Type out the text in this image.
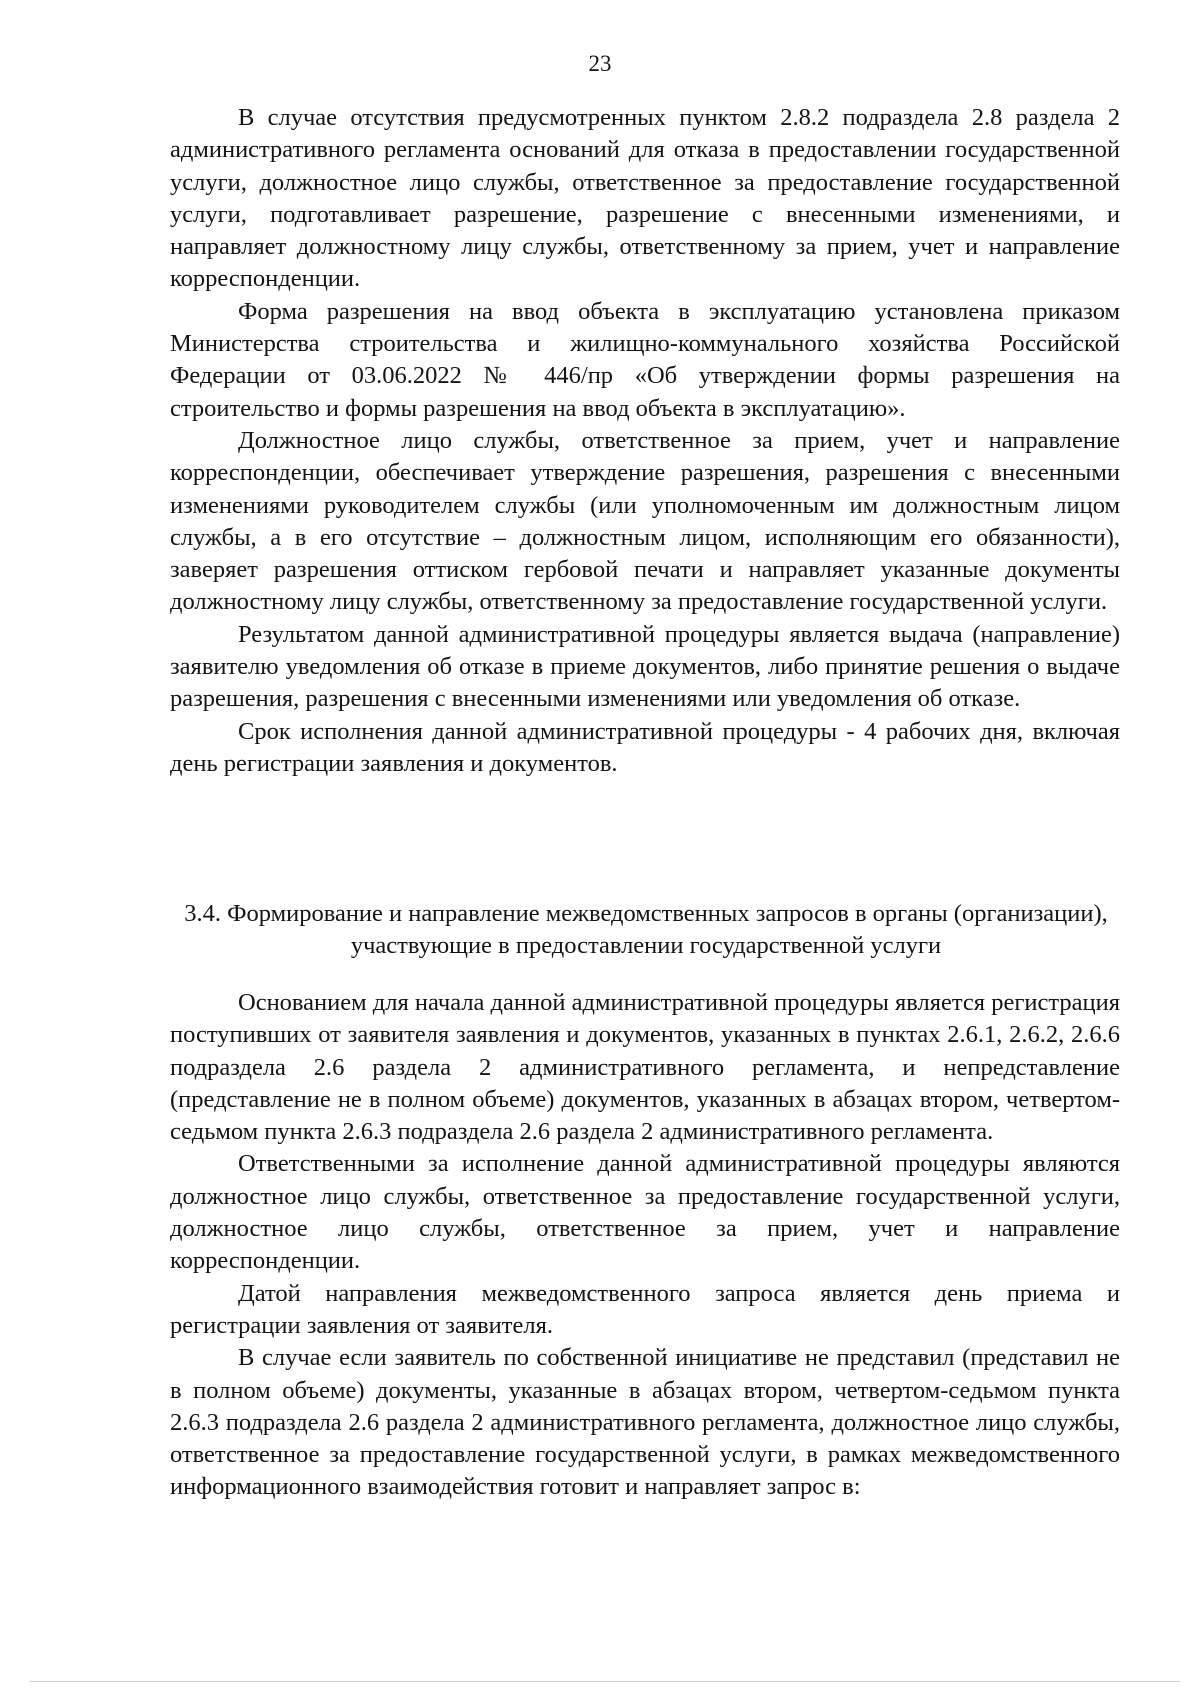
23

В случае отсутствия предусмотренных пунктом 2.8.2 подраздела 2.8 раздела 2 административного регламента оснований для отказа в предоставлении государственной услуги, должностное лицо службы, ответственное за предоставление государственной услуги, подготавливает разрешение, разрешение с внесенными изменениями, и направляет должностному лицу службы, ответственному за прием, учет и направление корреспонденции.

Форма разрешения на ввод объекта в эксплуатацию установлена приказом Министерства строительства и жилищно-коммунального хозяйства Российской Федерации от 03.06.2022 № 446/пр «Об утверждении формы разрешения на строительство и формы разрешения на ввод объекта в эксплуатацию».

Должностное лицо службы, ответственное за прием, учет и направление корреспонденции, обеспечивает утверждение разрешения, разрешения с внесенными изменениями руководителем службы (или уполномоченным им должностным лицом службы, а в его отсутствие – должностным лицом, исполняющим его обязанности), заверяет разрешения оттиском гербовой печати и направляет указанные документы должностному лицу службы, ответственному за предоставление государственной услуги.

Результатом данной административной процедуры является выдача (направление) заявителю уведомления об отказе в приеме документов, либо принятие решения о выдаче разрешения, разрешения с внесенными изменениями или уведомления об отказе.

Срок исполнения данной административной процедуры - 4 рабочих дня, включая день регистрации заявления и документов.

3.4. Формирование и направление межведомственных запросов в органы (организации), участвующие в предоставлении государственной услуги

Основанием для начала данной административной процедуры является регистрация поступивших от заявителя заявления и документов, указанных в пунктах 2.6.1, 2.6.2, 2.6.6 подраздела 2.6 раздела 2 административного регламента, и непредставление (представление не в полном объеме) документов, указанных в абзацах втором, четвертом-седьмом пункта 2.6.3 подраздела 2.6 раздела 2 административного регламента.

Ответственными за исполнение данной административной процедуры являются должностное лицо службы, ответственное за предоставление государственной услуги, должностное лицо службы, ответственное за прием, учет и направление корреспонденции.

Датой направления межведомственного запроса является день приема и регистрации заявления от заявителя.

В случае если заявитель по собственной инициативе не представил (представил не в полном объеме) документы, указанные в абзацах втором, четвертом-седьмом пункта 2.6.3 подраздела 2.6 раздела 2 административного регламента, должностное лицо службы, ответственное за предоставление государственной услуги, в рамках межведомственного информационного взаимодействия готовит и направляет запрос в:
